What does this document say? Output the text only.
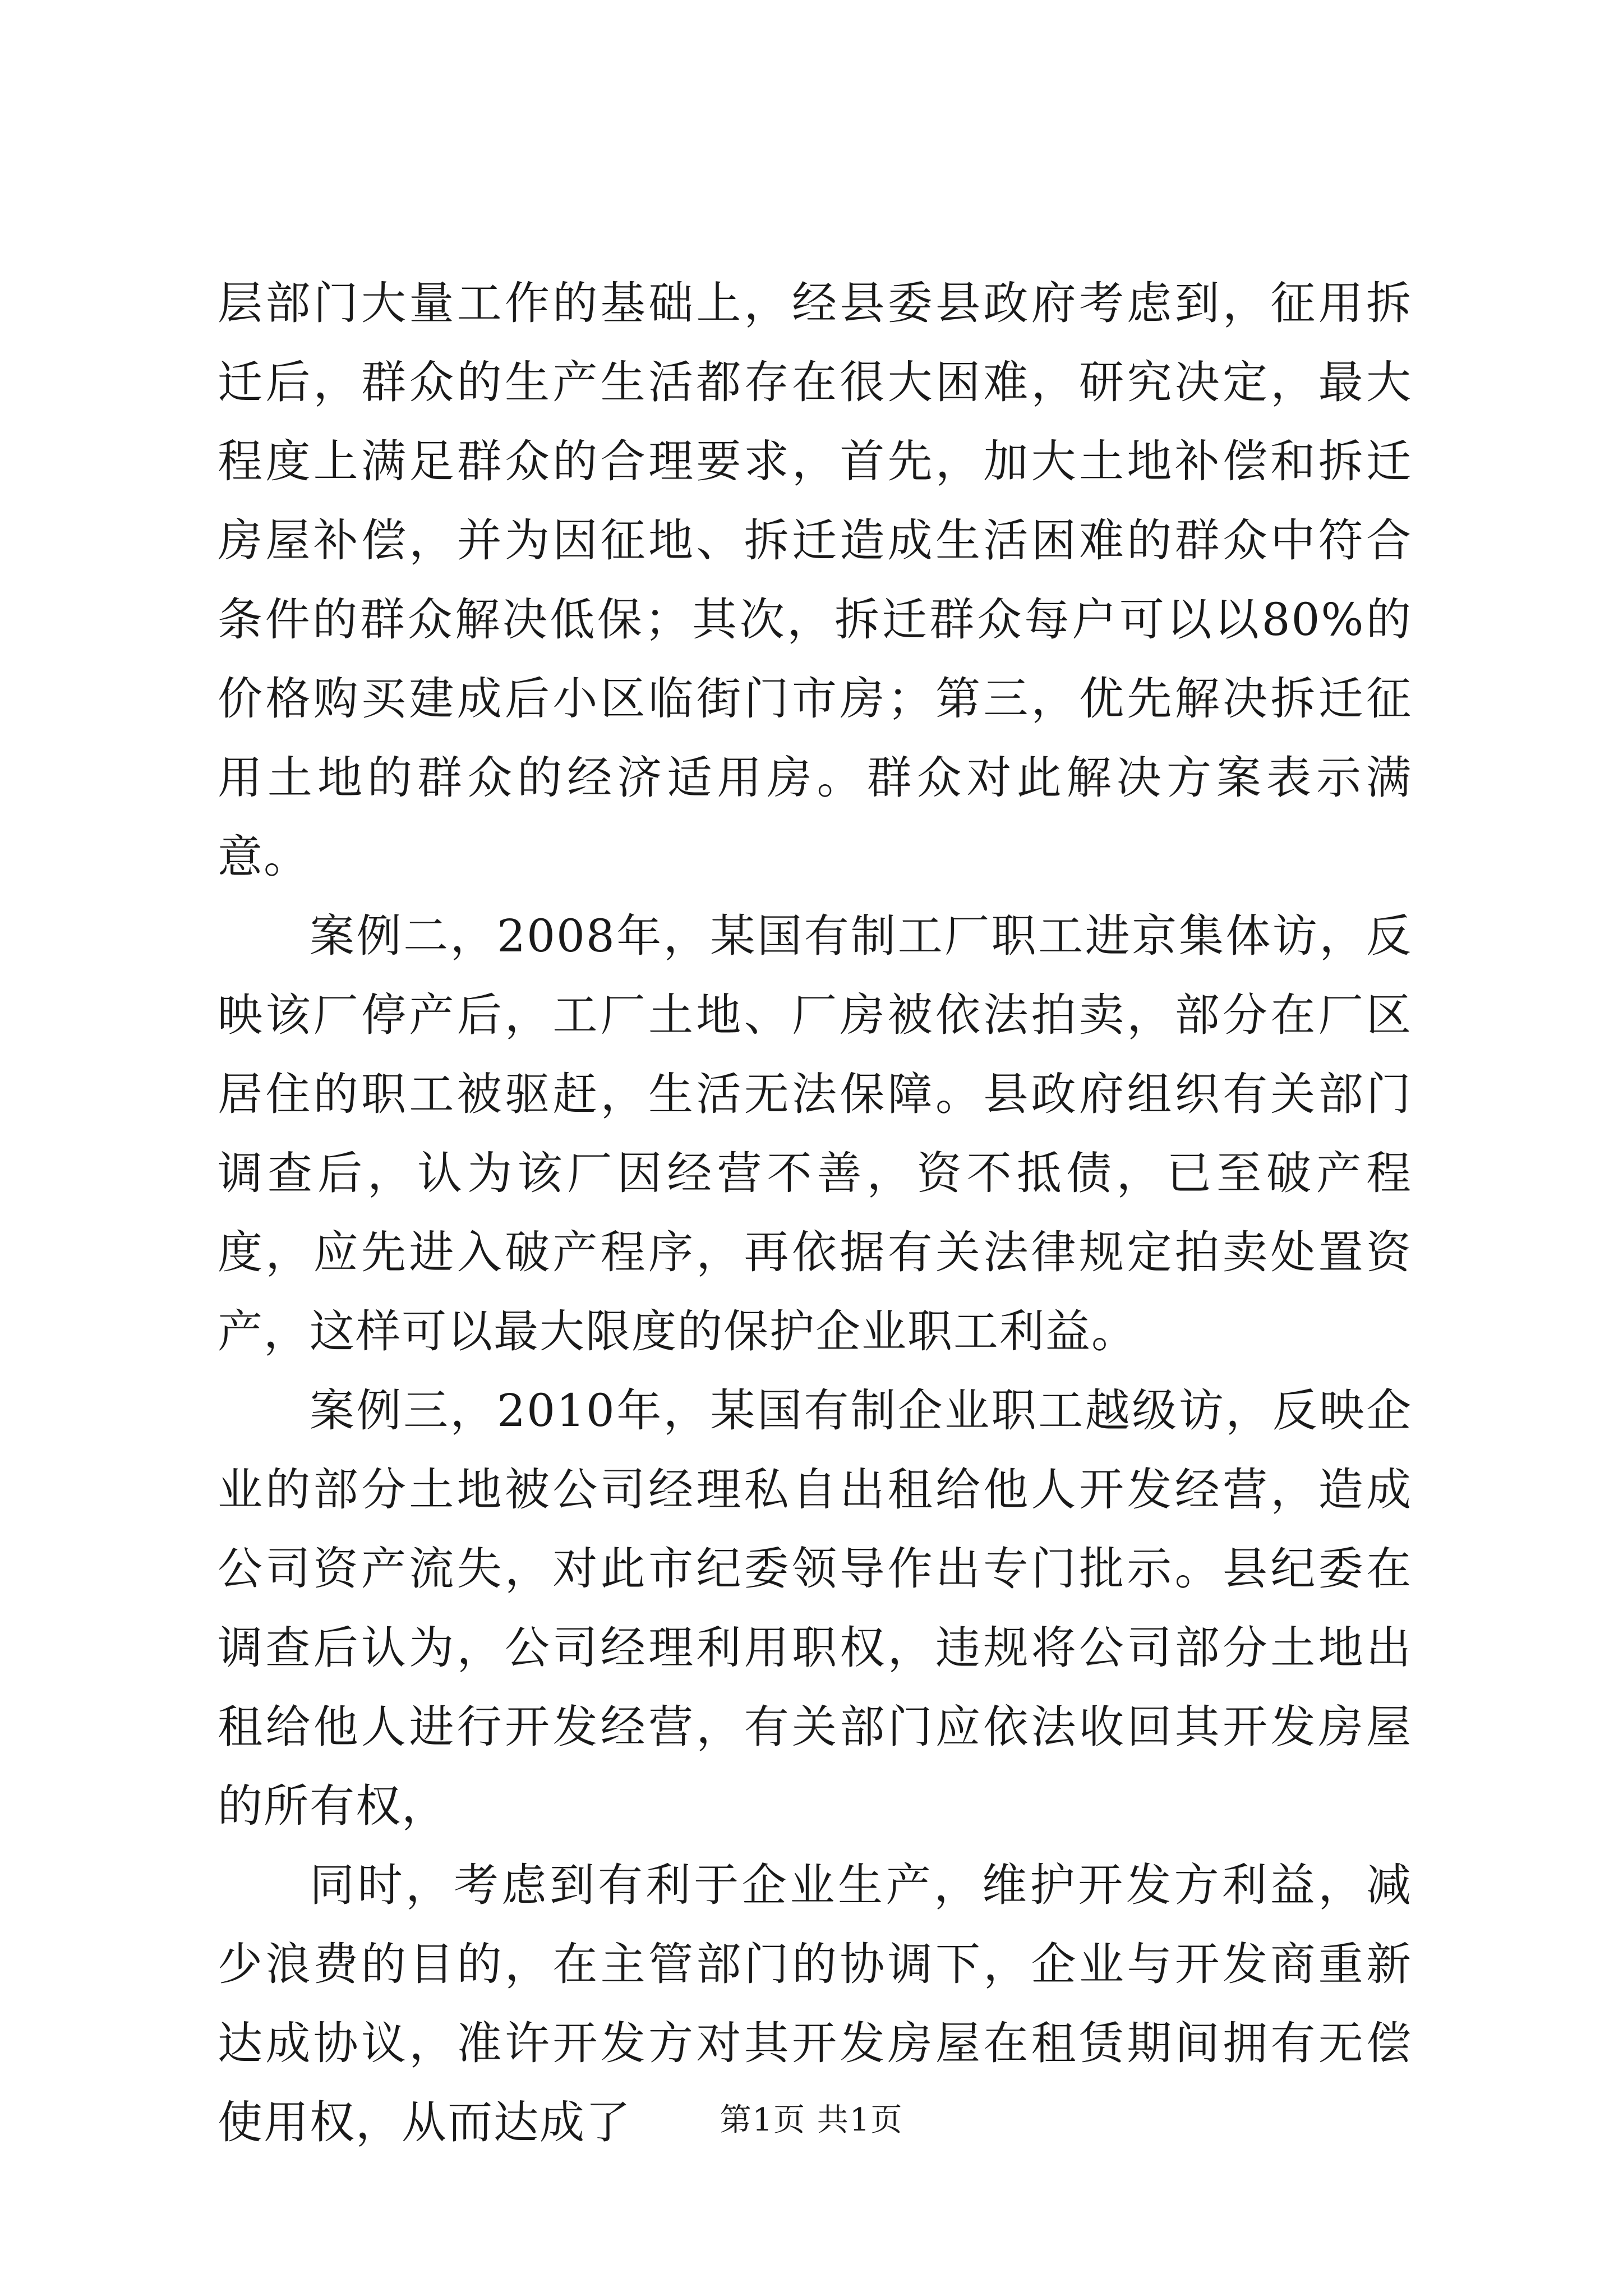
层部门大量工作的基础上，经县委县政府考虑到，征用拆迁后，群众的生产生活都存在很大困难，研究决定，最大程度上满足群众的合理要求，首先，加大土地补偿和拆迁房屋补偿，并为因征地、拆迁造成生活困难的群众中符合条件的群众解决低保；其次，拆迁群众每户可以以80%的价格购买建成后小区临街门市房；第三，优先解决拆迁征用土地的群众的经济适用房。群众对此解决方案表示满意。

案例二，2008年，某国有制工厂职工进京集体访，反映该厂停产后，工厂土地、厂房被依法拍卖，部分在厂区居住的职工被驱赶，生活无法保障。县政府组织有关部门调查后，认为该厂因经营不善，资不抵债，已至破产程度，应先进入破产程序，再依据有关法律规定拍卖处置资产，这样可以最大限度的保护企业职工利益。

案例三，2010年，某国有制企业职工越级访，反映企业的部分土地被公司经理私自出租给他人开发经营，造成公司资产流失，对此市纪委领导作出专门批示。县纪委在调查后认为，公司经理利用职权，违规将公司部分土地出租给他人进行开发经营，有关部门应依法收回其开发房屋的所有权，

同时，考虑到有利于企业生产，维护开发方利益，减少浪费的目的，在主管部门的协调下，企业与开发商重新达成协议，准许开发方对其开发房屋在租赁期间拥有无偿使用权，从而达成了	第1页 共1页
